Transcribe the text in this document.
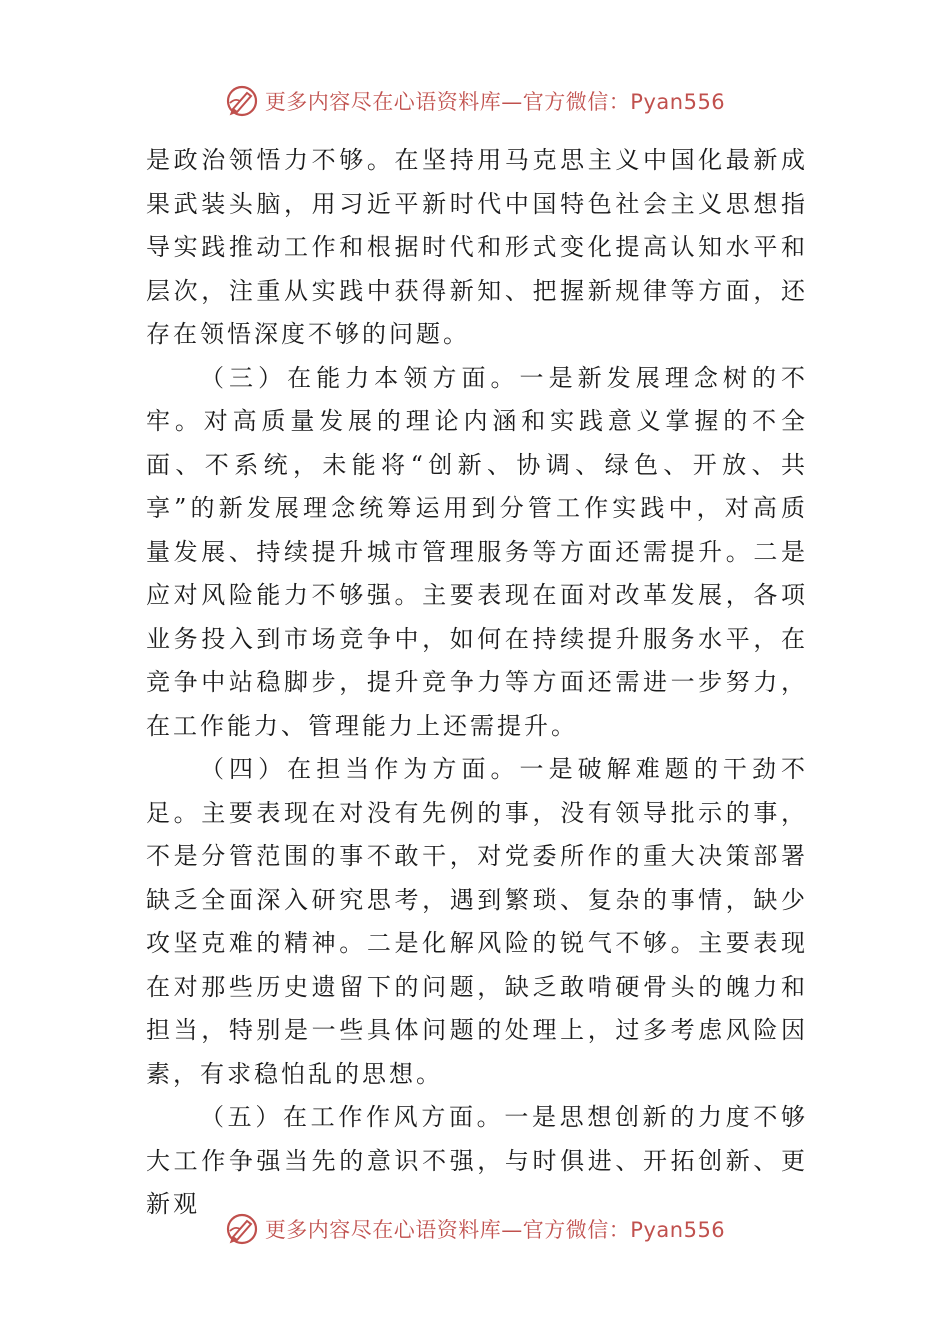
更多内容尽在心语资料库—官方微信：Pyan556

是政治领悟力不够。在坚持用马克思主义中国化最新成果武装头脑，用习近平新时代中国特色社会主义思想指导实践推动工作和根据时代和形式变化提高认知水平和层次，注重从实践中获得新知、把握新规律等方面，还存在领悟深度不够的问题。

（三）在能力本领方面。一是新发展理念树的不牢。对高质量发展的理论内涵和实践意义掌握的不全面、不系统，未能将“创新、协调、绿色、开放、共享”的新发展理念统筹运用到分管工作实践中，对高质量发展、持续提升城市管理服务等方面还需提升。二是应对风险能力不够强。主要表现在面对改革发展，各项业务投入到市场竞争中，如何在持续提升服务水平，在竞争中站稳脚步，提升竞争力等方面还需进一步努力，在工作能力、管理能力上还需提升。

（四）在担当作为方面。一是破解难题的干劲不足。主要表现在对没有先例的事，没有领导批示的事，不是分管范围的事不敢干，对党委所作的重大决策部署缺乏全面深入研究思考，遇到繁琐、复杂的事情，缺少攻坚克难的精神。二是化解风险的锐气不够。主要表现在对那些历史遗留下的问题，缺乏敢啃硬骨头的魄力和担当，特别是一些具体问题的处理上，过多考虑风险因素，有求稳怕乱的思想。

（五）在工作作风方面。一是思想创新的力度不够大工作争强当先的意识不强，与时俱进、开拓创新、更新观

更多内容尽在心语资料库—官方微信：Pyan556
